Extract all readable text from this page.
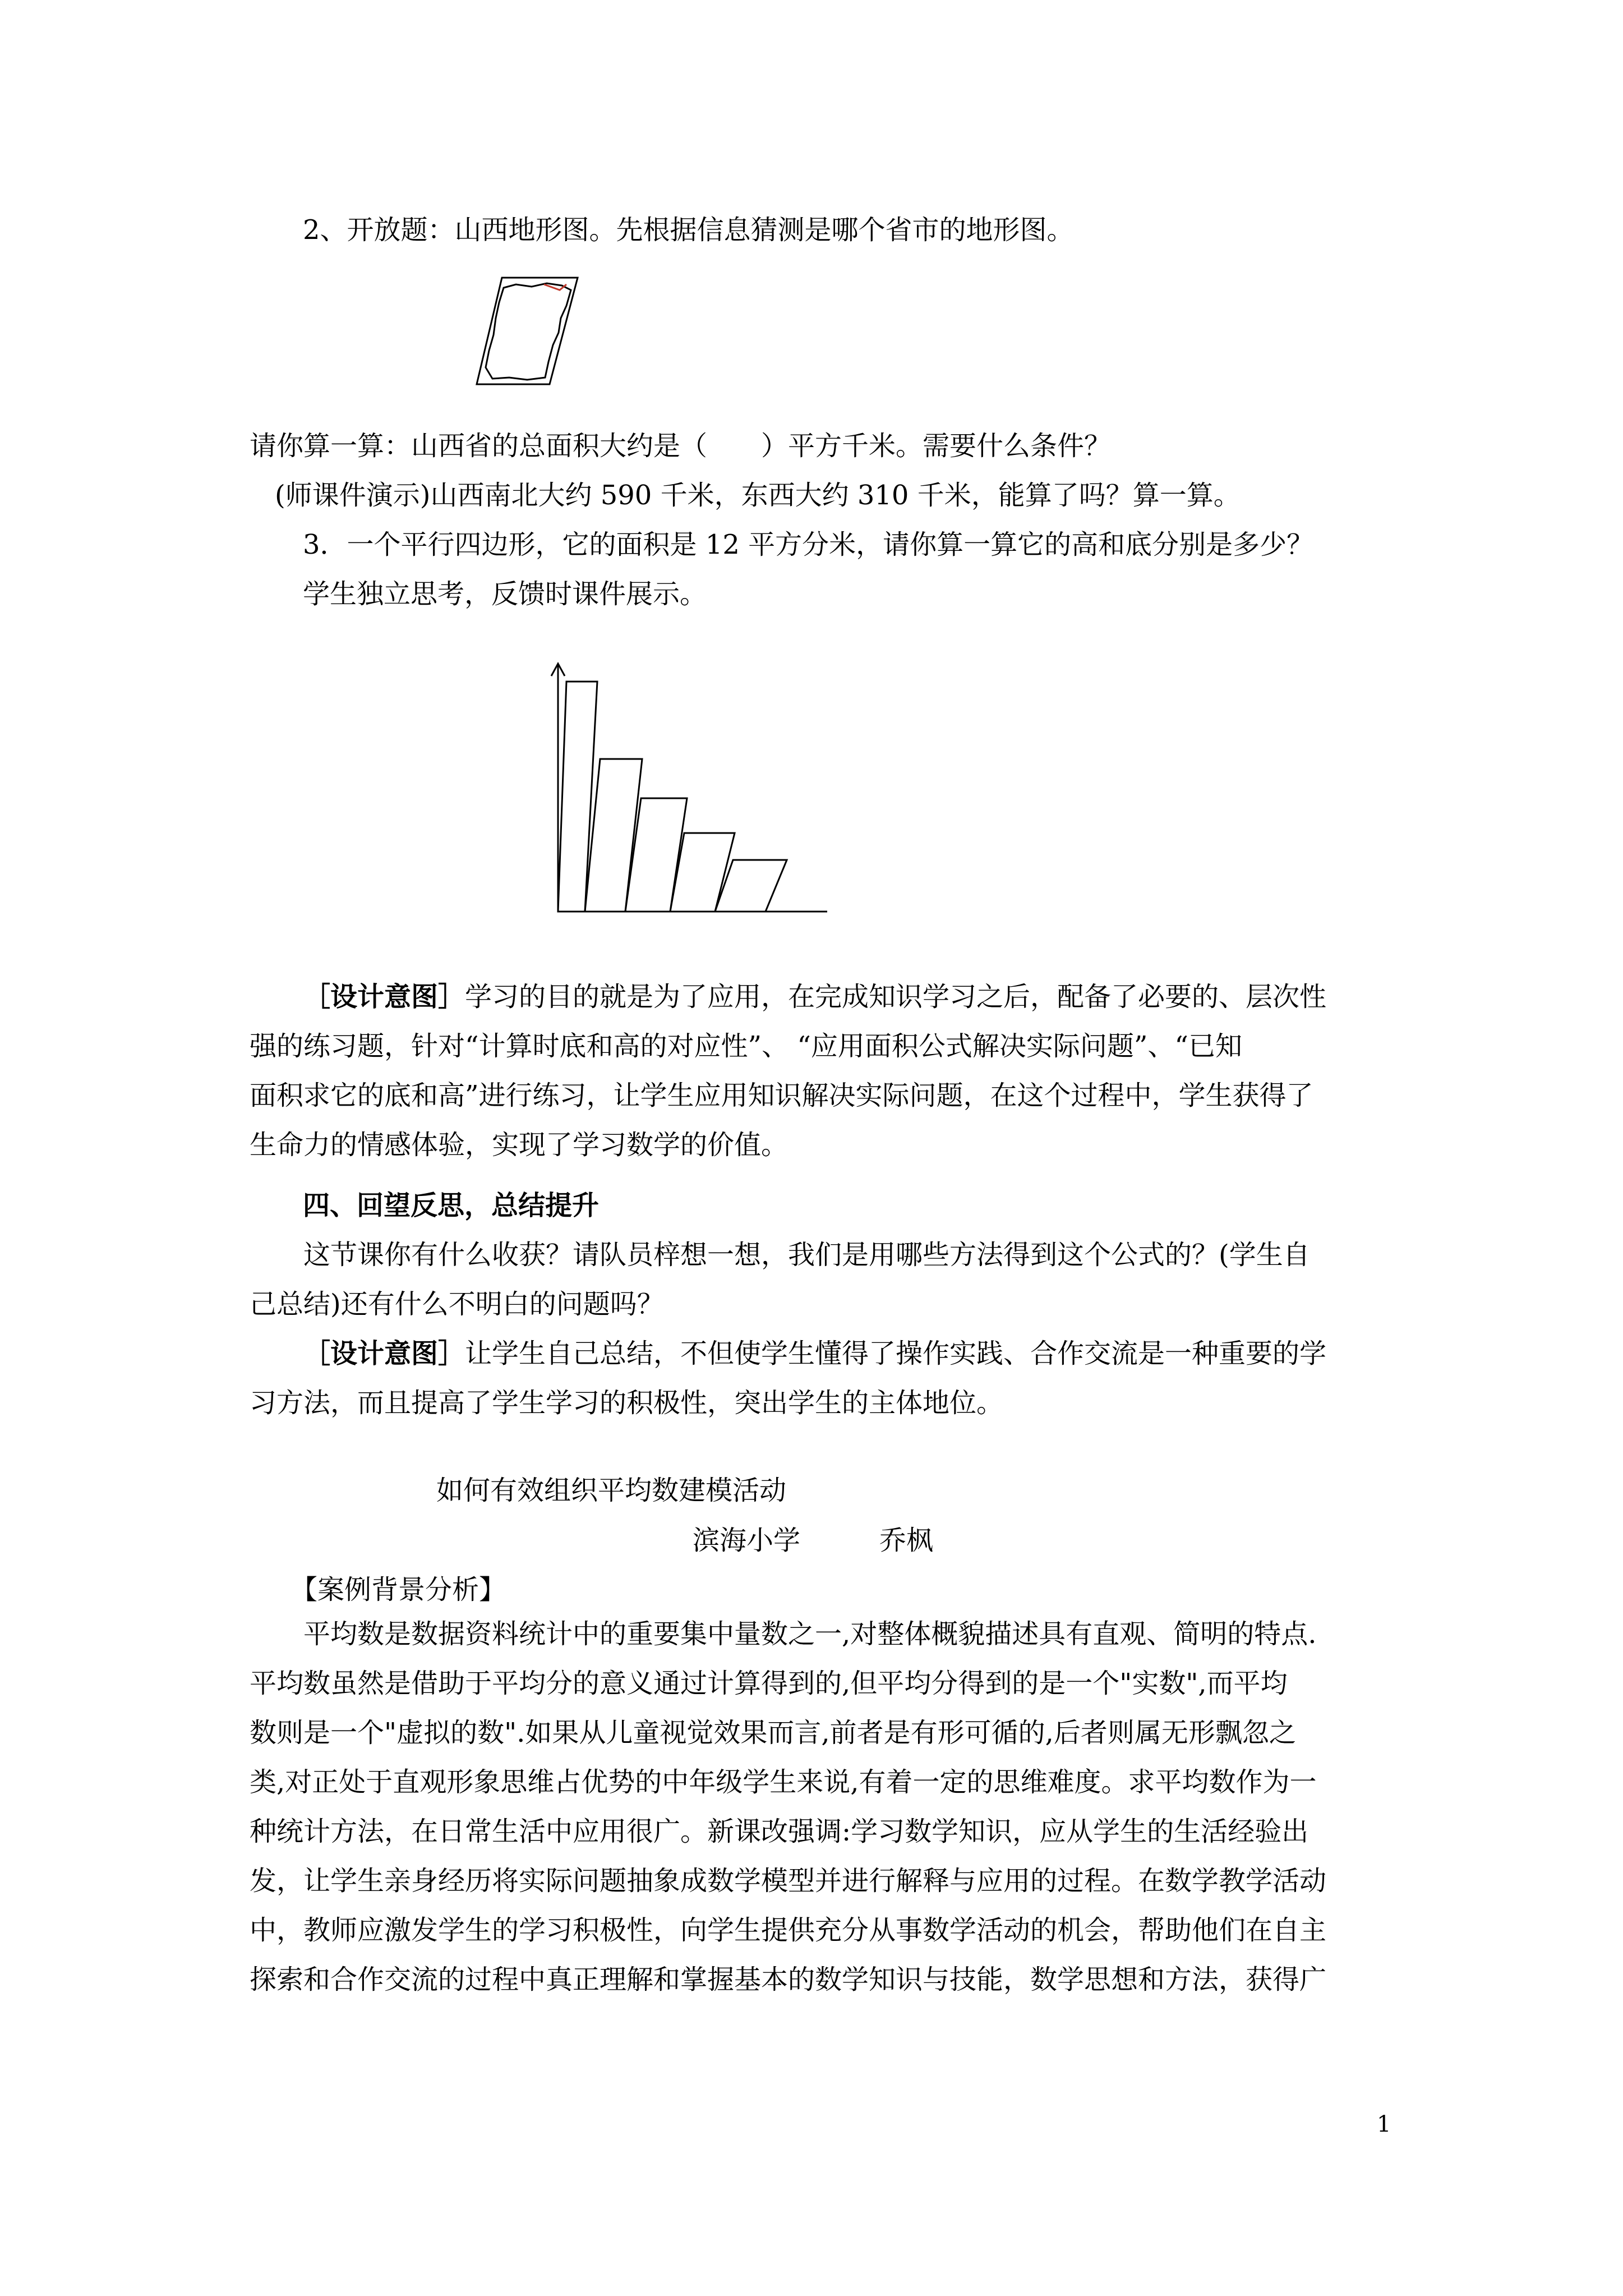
2、开放题：山西地形图。先根据信息猜测是哪个省市的地形图。
请你算一算：山西省的总面积大约是（　　）平方千米。需要什么条件？
(师课件演示)山西南北大约 590 千米，东西大约 310 千米，能算了吗？算一算。
3．一个平行四边形，它的面积是 12 平方分米，请你算一算它的高和底分别是多少？
学生独立思考，反馈时课件展示。

［设计意图］学习的目的就是为了应用，在完成知识学习之后，配备了必要的、层次性

强的练习题，针对“计算时底和高的对应性”、 “应用面积公式解决实际问题”、“已知

面积求它的底和高”进行练习，让学生应用知识解决实际问题，在这个过程中，学生获得了

生命力的情感体验，实现了学习数学的价值。

四、回望反思，总结提升

这节课你有什么收获？请队员梓想一想，我们是用哪些方法得到这个公式的？(学生自

己总结)还有什么不明白的问题吗？

［设计意图］让学生自己总结，不但使学生懂得了操作实践、合作交流是一种重要的学

习方法，而且提高了学生学习的积极性，突出学生的主体地位。

如何有效组织平均数建模活动
滨海小学	乔枫
【案例背景分析】

平均数是数据资料统计中的重要集中量数之一,对整体概貌描述具有直观、简明的特点.

平均数虽然是借助于平均分的意义通过计算得到的,但平均分得到的是一个"实数",而平均

数则是一个"虚拟的数".如果从儿童视觉效果而言,前者是有形可循的,后者则属无形飘忽之

类,对正处于直观形象思维占优势的中年级学生来说,有着一定的思维难度。求平均数作为一

种统计方法，在日常生活中应用很广。新课改强调:学习数学知识，应从学生的生活经验出

发，让学生亲身经历将实际问题抽象成数学模型并进行解释与应用的过程。在数学教学活动

中，教师应激发学生的学习积极性，向学生提供充分从事数学活动的机会，帮助他们在自主

探索和合作交流的过程中真正理解和掌握基本的数学知识与技能，数学思想和方法，获得广

1
